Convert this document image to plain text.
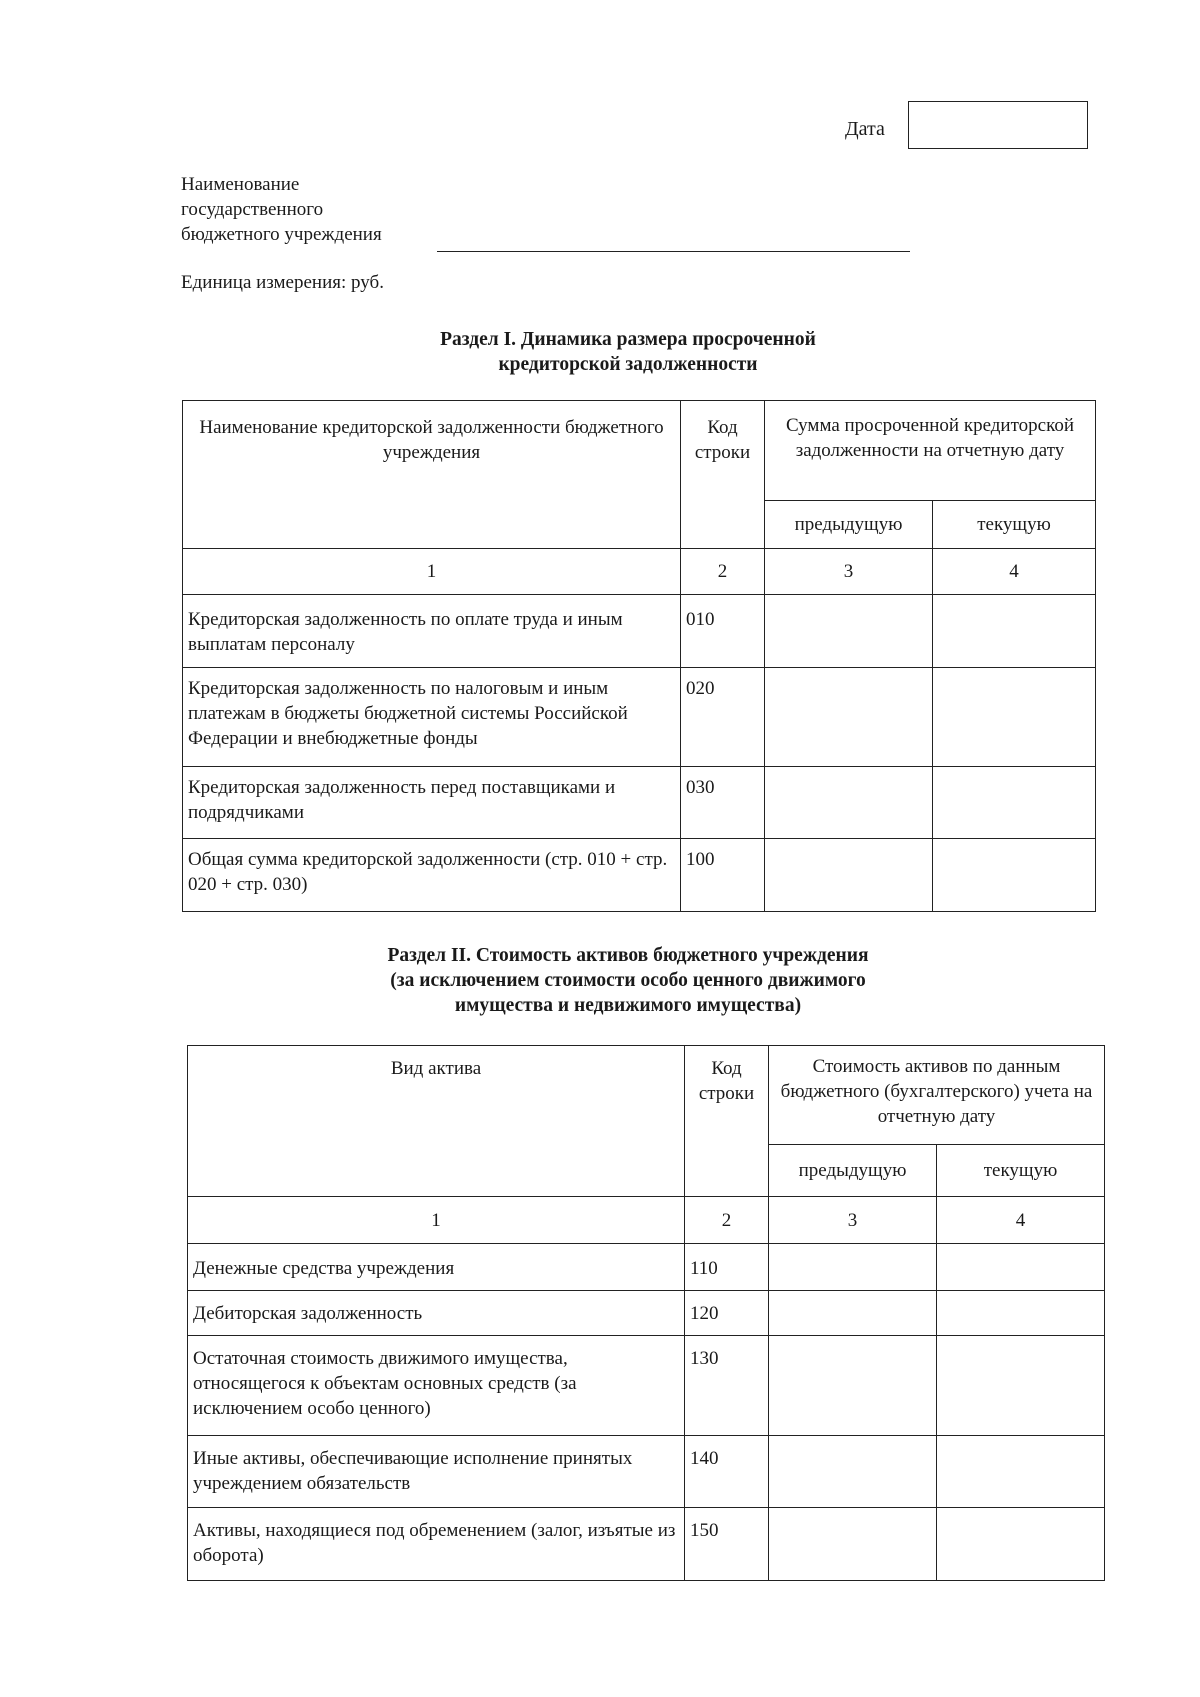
Дата
Наименование
государственного
бюджетного учреждения
Единица измерения: руб.
Раздел I. Динамика размера просроченной
кредиторской задолженности
Наименование кредиторской задолженности бюджетного учреждения	Код строки	Сумма просроченной кредиторской задолженности на отчетную дату	
		предыдущую	текущую
1	2	3	4
Кредиторская задолженность по оплате труда и иным выплатам персоналу	010		
Кредиторская задолженность по налоговым и иным платежам в бюджеты бюджетной системы Российской Федерации и внебюджетные фонды	020		
Кредиторская задолженность перед поставщиками и подрядчиками	030		
Общая сумма кредиторской задолженности (стр. 010 + стр. 020 + стр. 030)	100		
Раздел II. Стоимость активов бюджетного учреждения
(за исключением стоимости особо ценного движимого
имущества и недвижимого имущества)
Вид актива	Код строки	Стоимость активов по данным бюджетного (бухгалтерского) учета на отчетную дату	
		предыдущую	текущую
1	2	3	4
Денежные средства учреждения	110		
Дебиторская задолженность	120		
Остаточная стоимость движимого имущества, относящегося к объектам основных средств (за исключением особо ценного)	130		
Иные активы, обеспечивающие исполнение принятых учреждением обязательств	140		
Активы, находящиеся под обременением (залог, изъятые из оборота)	150		
